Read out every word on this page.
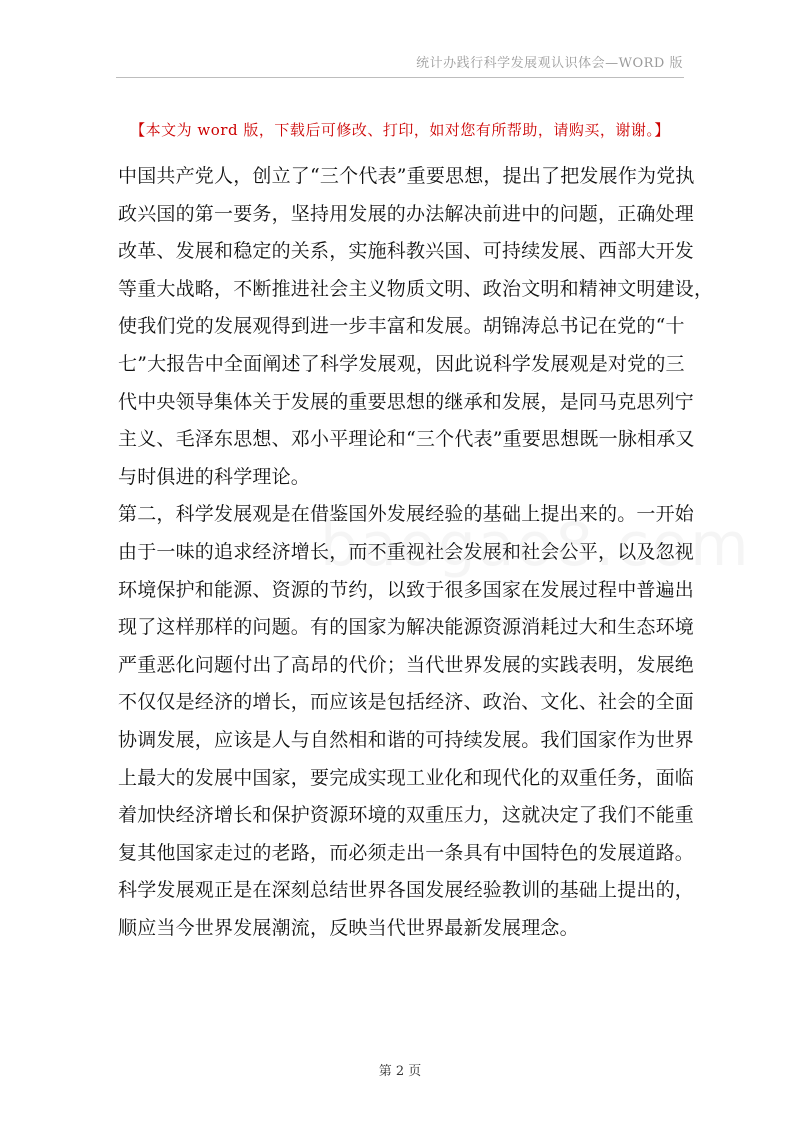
统计办践行科学发展观认识体会—WORD 版
【本文为 word 版，下载后可修改、打印，如对您有所帮助，请购买，谢谢。】
中国共产党人，创立了“三个代表”重要思想，提出了把发展作为党执
政兴国的第一要务，坚持用发展的办法解决前进中的问题，正确处理
改革、发展和稳定的关系，实施科教兴国、可持续发展、西部大开发
等重大战略，不断推进社会主义物质文明、政治文明和精神文明建设，
使我们党的发展观得到进一步丰富和发展。胡锦涛总书记在党的“十
七”大报告中全面阐述了科学发展观，因此说科学发展观是对党的三
代中央领导集体关于发展的重要思想的继承和发展，是同马克思列宁
主义、毛泽东思想、邓小平理论和“三个代表”重要思想既一脉相承又
与时俱进的科学理论。
第二，科学发展观是在借鉴国外发展经验的基础上提出来的。一开始
由于一味的追求经济增长，而不重视社会发展和社会公平，以及忽视
环境保护和能源、资源的节约，以致于很多国家在发展过程中普遍出
现了这样那样的问题。有的国家为解决能源资源消耗过大和生态环境
严重恶化问题付出了高昂的代价；当代世界发展的实践表明，发展绝
不仅仅是经济的增长，而应该是包括经济、政治、文化、社会的全面
协调发展，应该是人与自然相和谐的可持续发展。我们国家作为世界
上最大的发展中国家，要完成实现工业化和现代化的双重任务，面临
着加快经济增长和保护资源环境的双重压力，这就决定了我们不能重
复其他国家走过的老路，而必须走出一条具有中国特色的发展道路。
科学发展观正是在深刻总结世界各国发展经验教训的基础上提出的，
顺应当今世界发展潮流，反映当代世界最新发展理念。
第 2 页
